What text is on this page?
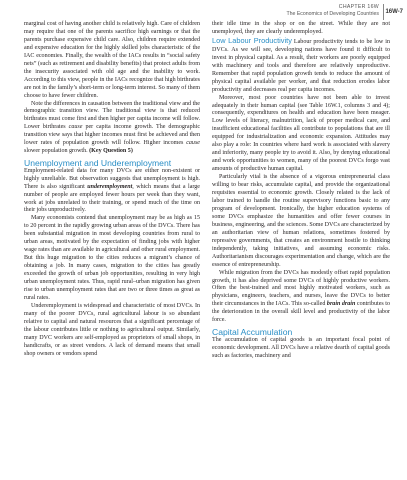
CHAPTER 16W
The Economics of Developing Countries 16W-7

marginal cost of having another child is relatively high. Care of children may require that one of the parents sacrifice high earnings or that the parents purchase expensive child care. Also, children require extended and expensive education for the highly skilled jobs characteristic of the IAC economies. Finally, the wealth of the IACs results in “social safety nets” (such as retirement and disability benefits) that protect adults from the insecurity associated with old age and the inability to work. According to this view, people in the IACs recognize that high birthrates are not in the family’s short-term or long-term interest. So many of them choose to have fewer children.

Note the differences in causation between the traditional view and the demographic transition view. The traditional view is that reduced birthrates must come first and then higher per capita income will follow. Lower birthrates cause per capita income growth. The demographic transition view says that higher incomes must first be achieved and then lower rates of population growth will follow. Higher incomes cause slower population growth. (Key Question 5)

Unemployment and Underemployment

Employment-related data for many DVCs are either non-existent or highly unreliable. But observation suggests that unemployment is high. There is also significant underemployment, which means that a large number of people are employed fewer hours per week than they want, work at jobs unrelated to their training, or spend much of the time on their jobs unproductively.

Many economists contend that unemployment may be as high as 15 to 20 percent in the rapidly growing urban areas of the DVCs. There has been substantial migration in most developing countries from rural to urban areas, motivated by the expectation of finding jobs with higher wage rates than are available in agricultural and other rural employment. But this huge migration to the cities reduces a migrant’s chance of obtaining a job. In many cases, migration to the cities has greatly exceeded the growth of urban job opportunities, resulting in very high urban unemployment rates. Thus, rapid rural–urban migration has given rise to urban unemployment rates that are two or three times as great as rural rates.

Underemployment is widespread and characteristic of most DVCs. In many of the poorer DVCs, rural agricultural labour is so abundant relative to capital and natural resources that a significant percentage of the labour contributes little or nothing to agricultural output. Similarly, many DVC workers are self-employed as proprietors of small shops, in handicrafts, or as street vendors. A lack of demand means that small shop owners or vendors spend

their idle time in the shop or on the street. While they are not unemployed, they are clearly underemployed.

Low Labour Productivity Labour productivity tends to be low in DVCs. As we will see, developing nations have found it difficult to invest in physical capital. As a result, their workers are poorly equipped with machinery and tools and therefore are relatively unproductive. Remember that rapid population growth tends to reduce the amount of physical capital available per worker, and that reduction erodes labor productivity and decreases real per capita incomes.

Moreover, most poor countries have not been able to invest adequately in their human capital (see Table 16W.1, columns 3 and 4); consequently, expenditures on health and education have been meager. Low levels of literacy, malnutrition, lack of proper medical care, and insufficient educational facilities all contribute to populations that are ill equipped for industrialization and economic expansion. Attitudes may also play a role: In countries where hard work is associated with slavery and inferiority, many people try to avoid it. Also, by denying educational and work opportunities to women, many of the poorest DVCs forgo vast amounts of productive human capital.

Particularly vital is the absence of a vigorous entrepreneurial class willing to bear risks, accumulate capital, and provide the organizational requisites essential to economic growth. Closely related is the lack of labor trained to handle the routine supervisory functions basic to any program of development. Ironically, the higher education systems of some DVCs emphasize the humanities and offer fewer courses in business, engineering, and the sciences. Some DVCs are characterized by an authoritarian view of human relations, sometimes fostered by repressive governments, that creates an environment hostile to thinking independently, taking initiatives, and assuming economic risks. Authoritarianism discourages experimentation and change, which are the essence of entrepreneurship.

While migration from the DVCs has modestly offset rapid population growth, it has also deprived some DVCs of highly productive workers. Often the best-trained and most highly motivated workers, such as physicians, engineers, teachers, and nurses, leave the DVCs to better their circumstances in the IACs. This so-called brain drain contributes to the deterioration in the overall skill level and productivity of the labor force.

Capital Accumulation

The accumulation of capital goods is an important focal point of economic development. All DVCs have a relative dearth of capital goods such as factories, machinery and
